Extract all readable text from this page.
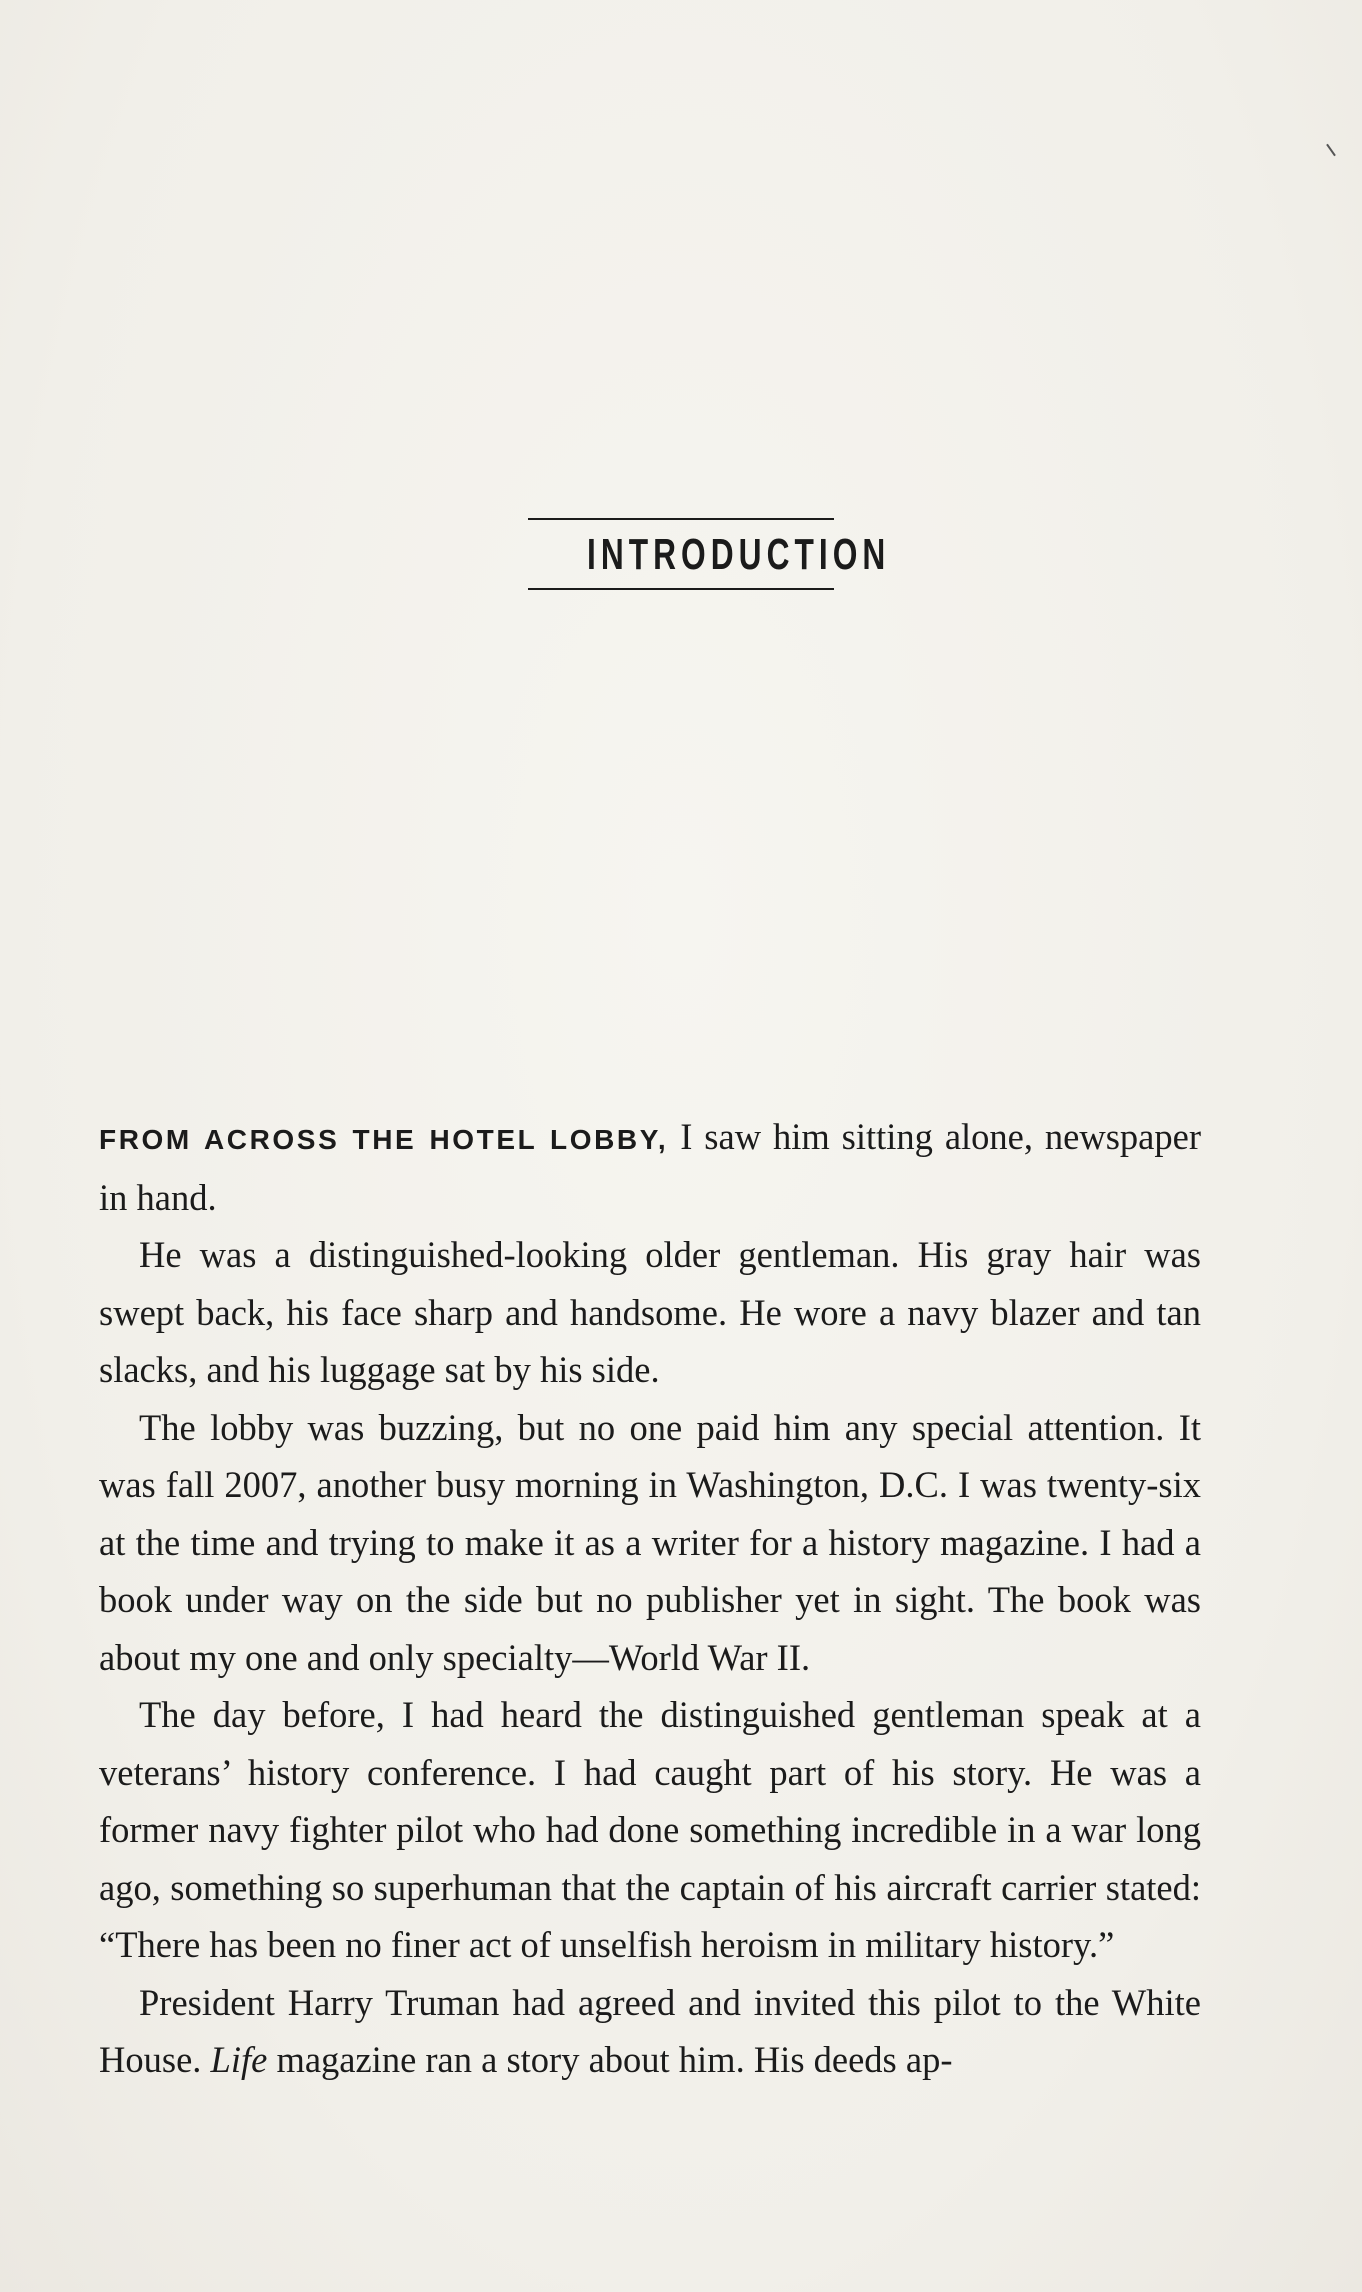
INTRODUCTION

FROM ACROSS THE HOTEL LOBBY, I saw him sitting alone, newspaper in hand.

He was a distinguished-looking older gentleman. His gray hair was swept back, his face sharp and handsome. He wore a navy blazer and tan slacks, and his luggage sat by his side.

The lobby was buzzing, but no one paid him any special attention. It was fall 2007, another busy morning in Washington, D.C. I was twenty-six at the time and trying to make it as a writer for a history magazine. I had a book under way on the side but no publisher yet in sight. The book was about my one and only specialty—World War II.

The day before, I had heard the distinguished gentleman speak at a veterans’ history conference. I had caught part of his story. He was a former navy fighter pilot who had done something incredible in a war long ago, something so superhuman that the captain of his aircraft carrier stated: “There has been no finer act of unselfish heroism in military history.”

President Harry Truman had agreed and invited this pilot to the White House. Life magazine ran a story about him. His deeds ap-
